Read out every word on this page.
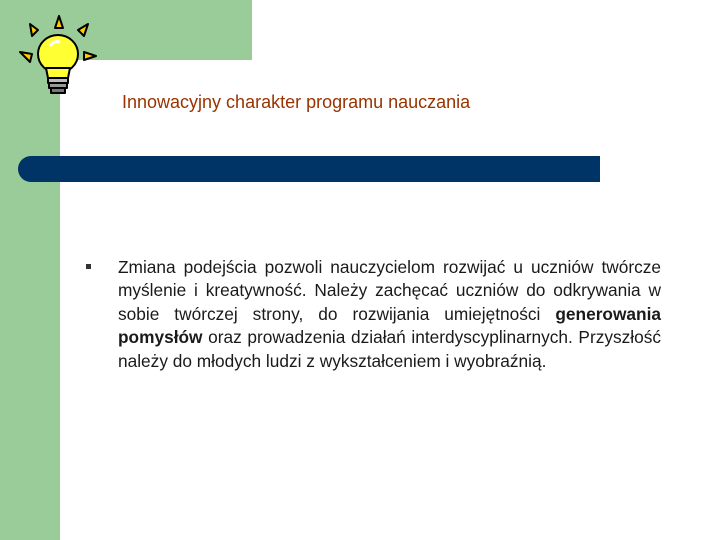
Innowacyjny charakter programu nauczania
Zmiana podejścia pozwoli nauczycielom rozwijać u uczniów twórcze myślenie i kreatywność. Należy zachęcać uczniów do odkrywania w sobie twórczej strony, do rozwijania umiejętności generowania pomysłów oraz prowadzenia działań interdyscyplinarnych. Przyszłość należy do młodych ludzi z wykształceniem i wyobraźnią.
